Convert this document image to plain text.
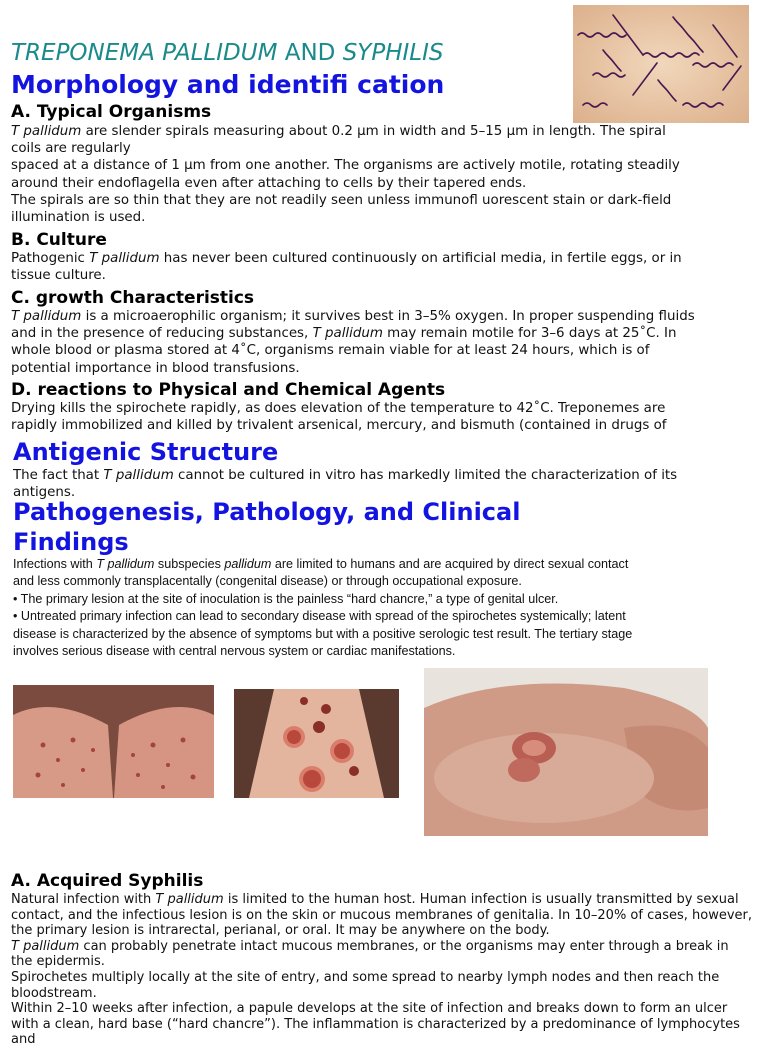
TREPONEMA PALLIDUM AND SYPHILIS
Morphology and identifi cation
A. Typical Organisms

T pallidum are slender spirals measuring about 0.2 μm in width and 5–15 μm in length. The spiral

coils are regularly

spaced at a distance of 1 μm from one another. The organisms are actively motile, rotating steadily

around their endoflagella even after attaching to cells by their tapered ends.

The spirals are so thin that they are not readily seen unless immunofl uorescent stain or dark-field

illumination is used.

B. Culture

Pathogenic T pallidum has never been cultured continuously on artificial media, in fertile eggs, or in

tissue culture.

C. growth Characteristics

T pallidum is a microaerophilic organism; it survives best in 3–5% oxygen. In proper suspending fluids

and in the presence of reducing substances, T pallidum may remain motile for 3–6 days at 25˚C. In

whole blood or plasma stored at 4˚C, organisms remain viable for at least 24 hours, which is of

potential importance in blood transfusions.

D. reactions to Physical and Chemical Agents

Drying kills the spirochete rapidly, as does elevation of the temperature to 42˚C. Treponemes are

rapidly immobilized and killed by trivalent arsenical, mercury, and bismuth (contained in drugs of

Antigenic Structure

The fact that T pallidum cannot be cultured in vitro has markedly limited the characterization of its

antigens.

Pathogenesis, Pathology, and Clinical
Findings

Infections with T pallidum subspecies pallidum are limited to humans and are acquired by direct sexual contact

and less commonly transplacentally (congenital disease) or through occupational exposure.

• The primary lesion at the site of inoculation is the painless “hard chancre,” a type of genital ulcer.

• Untreated primary infection can lead to secondary disease with spread of the spirochetes systemically; latent

disease is characterized by the absence of symptoms but with a positive serologic test result. The tertiary stage

involves serious disease with central nervous system or cardiac manifestations.

A. Acquired Syphilis

Natural infection with T pallidum is limited to the human host. Human infection is usually transmitted by sexual

contact, and the infectious lesion is on the skin or mucous membranes of genitalia. In 10–20% of cases, however,

the primary lesion is intrarectal, perianal, or oral. It may be anywhere on the body.

T pallidum can probably penetrate intact mucous membranes, or the organisms may enter through a break in

the epidermis.

Spirochetes multiply locally at the site of entry, and some spread to nearby lymph nodes and then reach the

bloodstream.

Within 2–10 weeks after infection, a papule develops at the site of infection and breaks down to form an ulcer

with a clean, hard base (“hard chancre”). The inflammation is characterized by a predominance of lymphocytes and
